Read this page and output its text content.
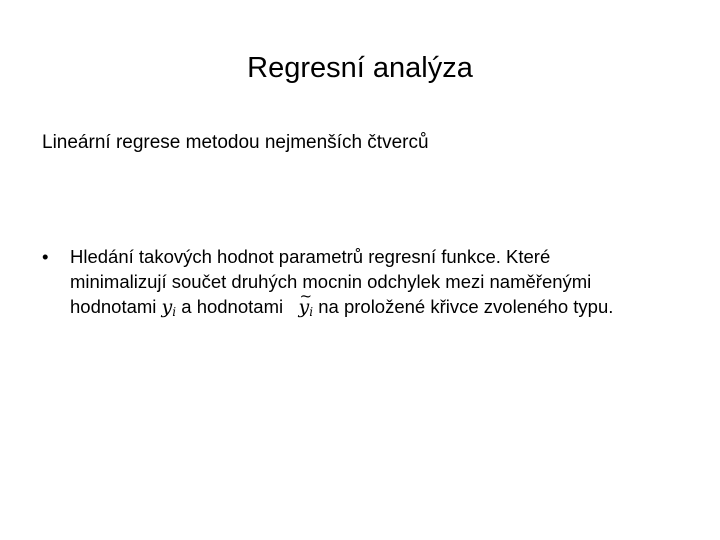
Regresní analýza

Lineární regrese metodou nejmenších čtverců

• Hledání takových hodnot parametrů regresní funkce. Které
minimalizují součet druhých mocnin odchylek mezi naměřenými
hodnotami $y_i$ a hodnotami   ~ $y_i$ na proložené křivce zvoleného typu.
